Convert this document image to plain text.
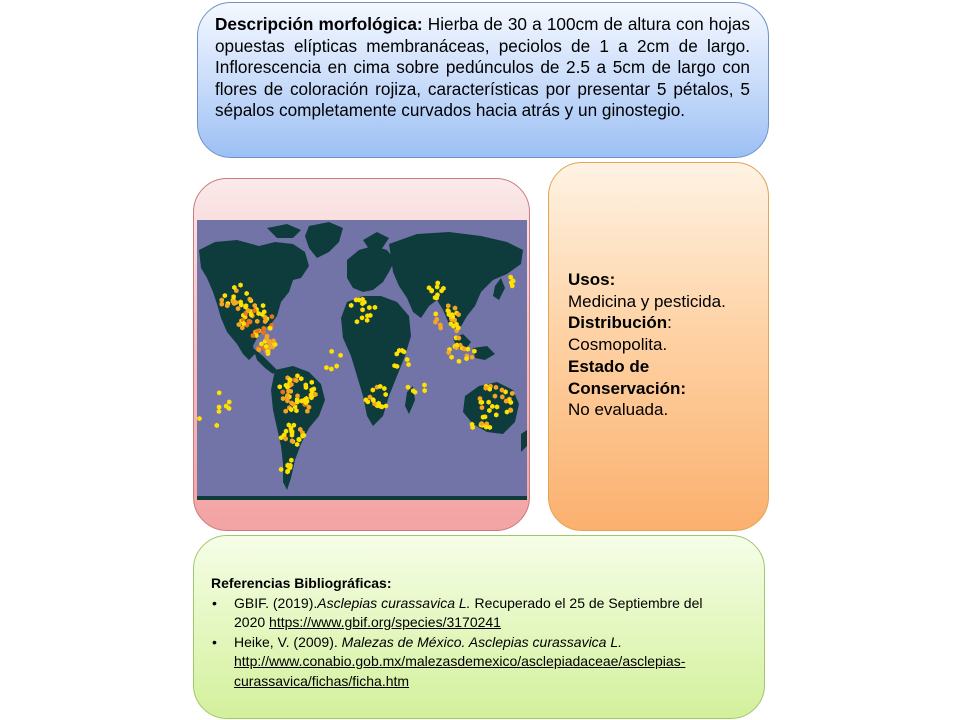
Descripción morfológica: Hierba de 30 a 100cm de altura con hojas opuestas elípticas membranáceas, peciolos de 1 a 2cm de largo. Inflorescencia en cima sobre pedúnculos de 2.5 a 5cm de largo con flores de coloración rojiza, características por presentar 5 pétalos, 5 sépalos completamente curvados hacia atrás y un ginostegio.
Usos:
Medicina y pesticida.
Distribución:
Cosmopolita.
Estado de
Conservación:
No evaluada.

Referencias Bibliográficas:

• GBIF. (2019).Asclepias curassavica L. Recuperado el 25 de Septiembre del 2020 https://www.gbif.org/species/3170241
• Heike, V. (2009). Malezas de México. Asclepias curassavica L. http://www.conabio.gob.mx/malezasdemexico/asclepiadaceae/asclepias-curassavica/fichas/ficha.htm
